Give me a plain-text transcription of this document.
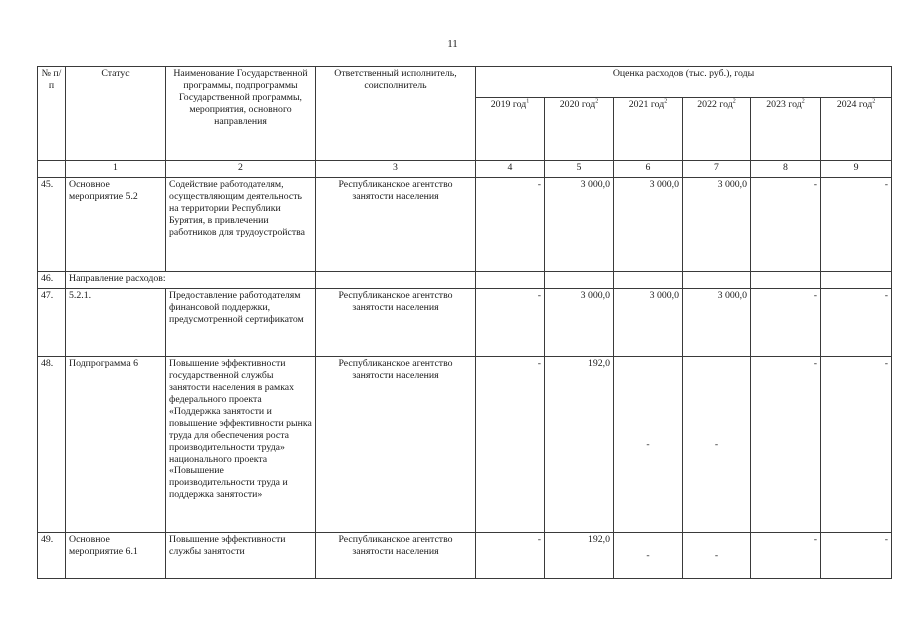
11
№ п/п	Статус	Наименование Государственной программы, подпрограммы Государственной программы, мероприятия, основного направления	Ответственный исполнитель, соисполнитель	Оценка расходов (тыс. руб.), годы					
				2019 год$^1$	2020 год$^2$	2021 год$^2$	2022 год$^2$	2023 год$^2$	2024 год$^2$
	1	2	3	4	5	6	7	8	9
45.	Основное мероприятие 5.2	Содействие работодателям, осуществляющим деятельность на территории Республики Бурятия, в привлечении работников для трудоустройства	Республиканское агентство занятости населения	-	3 000,0	3 000,0	3 000,0	-	-
46.	Направление расходов:								
47.	5.2.1.	Предоставление работодателям финансовой поддержки, предусмотренной сертификатом	Республиканское агентство занятости населения	-	3 000,0	3 000,0	3 000,0	-	-
48.	Подпрограмма 6	Повышение эффективности государственной службы занятости населения в рамках федерального проекта «Поддержка занятости и повышение эффективности рынка труда для обеспечения роста производительности труда» национального проекта «Повышение производительности труда и поддержка занятости»	Республиканское агентство занятости населения	-	192,0	-	-	-	-
49.	Основное мероприятие 6.1	Повышение эффективности службы занятости	Республиканское агентство занятости населения	-	192,0	-	-	-	-
